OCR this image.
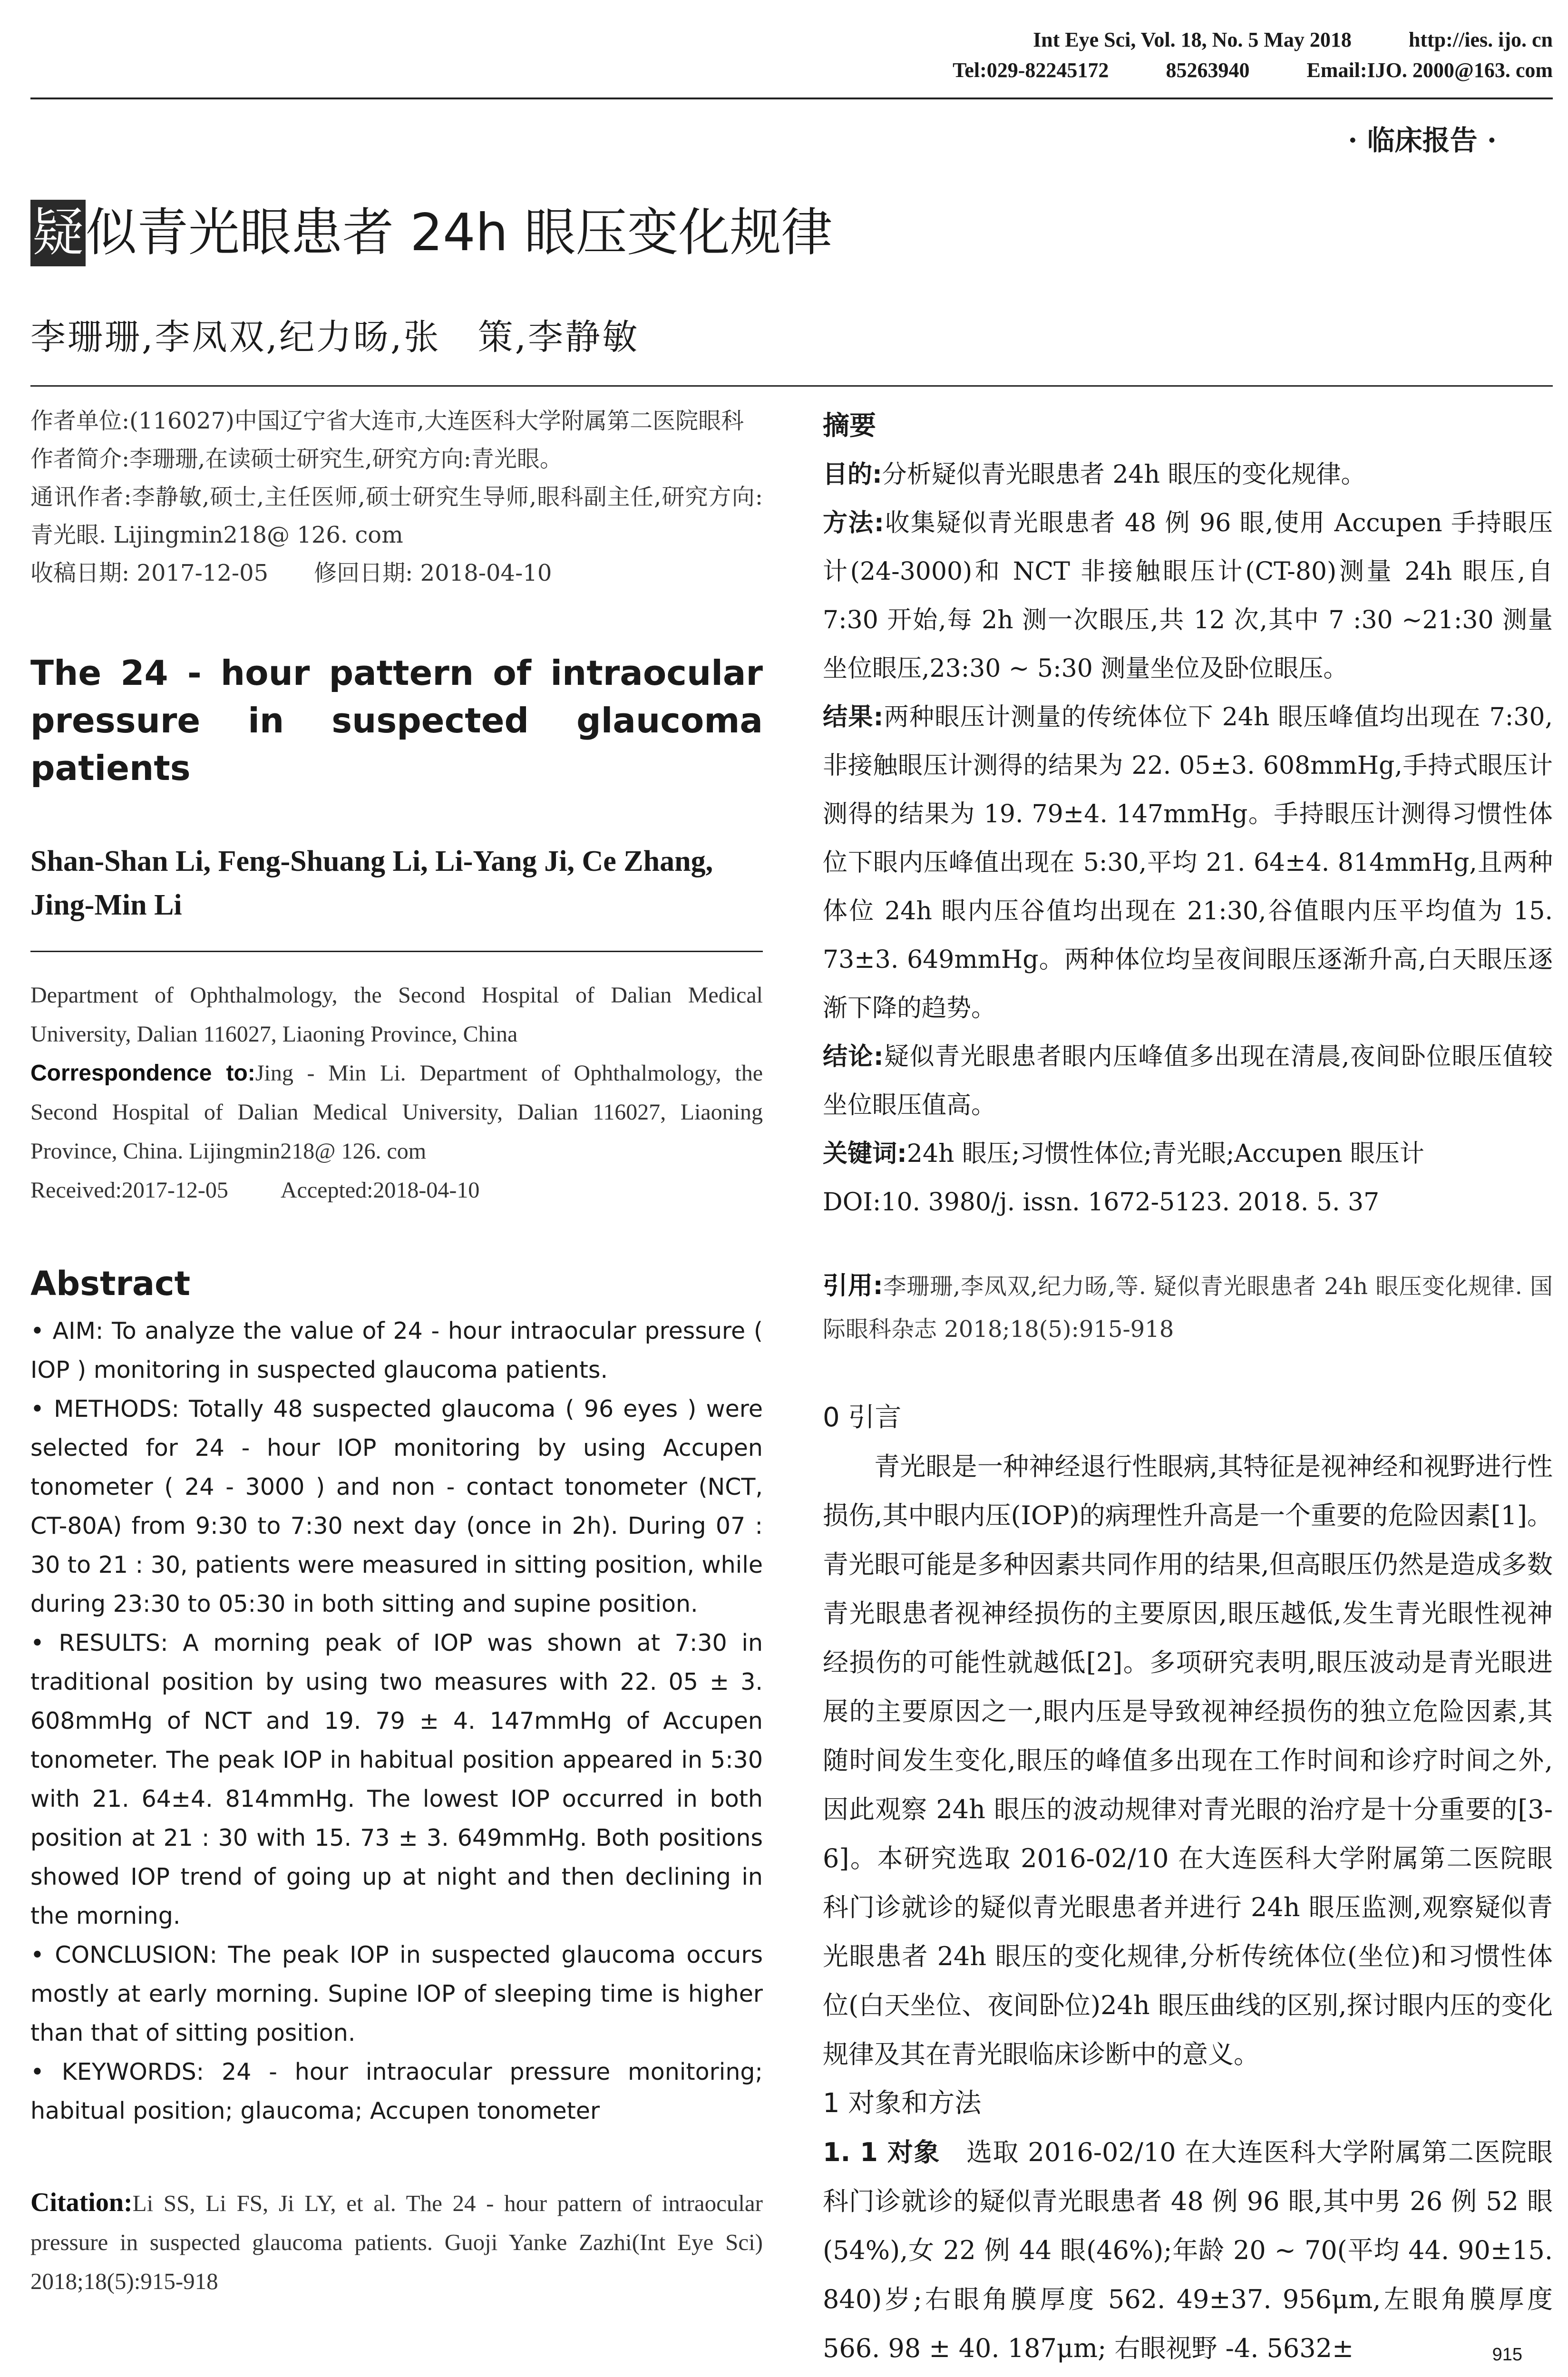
Int Eye Sci, Vol. 18, No. 5 May 2018	http://ies. ijo. cn
Tel:029-82245172	85263940	Email:IJO. 2000@163. com
· 临床报告 ·
疑似青光眼患者 24h 眼压变化规律
李珊珊,李凤双,纪力旸,张　策,李静敏

作者单位:(116027)中国辽宁省大连市,大连医科大学附属第二医院眼科

作者简介:李珊珊,在读硕士研究生,研究方向:青光眼。

通讯作者:李静敏,硕士,主任医师,硕士研究生导师,眼科副主任,研究方向:青光眼. Lijingmin218@ 126. com

收稿日期: 2017-12-05　　修回日期: 2018-04-10

The 24 - hour pattern of intraocular pressure in suspected glaucoma patients
Shan-Shan Li, Feng-Shuang Li, Li-Yang Ji, Ce Zhang, Jing-Min Li

Department of Ophthalmology, the Second Hospital of Dalian Medical University, Dalian 116027, Liaoning Province, China

Correspondence to:Jing - Min Li. Department of Ophthalmology, the Second Hospital of Dalian Medical University, Dalian 116027, Liaoning Province, China. Lijingmin218@ 126. com

Received:2017-12-05 Accepted:2018-04-10

Abstract

• AIM: To analyze the value of 24 - hour intraocular pressure ( IOP ) monitoring in suspected glaucoma patients.

• METHODS: Totally 48 suspected glaucoma ( 96 eyes ) were selected for 24 - hour IOP monitoring by using Accupen tonometer ( 24 - 3000 ) and non - contact tonometer (NCT, CT-80A) from 9:30 to 7:30 next day (once in 2h). During 07 : 30 to 21 : 30, patients were measured in sitting position, while during 23:30 to 05:30 in both sitting and supine position.

• RESULTS: A morning peak of IOP was shown at 7:30 in traditional position by using two measures with 22. 05 ± 3. 608mmHg of NCT and 19. 79 ± 4. 147mmHg of Accupen tonometer. The peak IOP in habitual position appeared in 5:30 with 21. 64±4. 814mmHg. The lowest IOP occurred in both position at 21 : 30 with 15. 73 ± 3. 649mmHg. Both positions showed IOP trend of going up at night and then declining in the morning.

• CONCLUSION: The peak IOP in suspected glaucoma occurs mostly at early morning. Supine IOP of sleeping time is higher than that of sitting position.

• KEYWORDS: 24 - hour intraocular pressure monitoring; habitual position; glaucoma; Accupen tonometer

Citation:Li SS, Li FS, Ji LY, et al. The 24 - hour pattern of intraocular pressure in suspected glaucoma patients. Guoji Yanke Zazhi(Int Eye Sci) 2018;18(5):915-918
摘要

目的:分析疑似青光眼患者 24h 眼压的变化规律。

方法:收集疑似青光眼患者 48 例 96 眼,使用 Accupen 手持眼压计(24-3000)和 NCT 非接触眼压计(CT-80)测量 24h 眼压,自 7:30 开始,每 2h 测一次眼压,共 12 次,其中 7 :30 ~21:30 测量坐位眼压,23:30 ~ 5:30 测量坐位及卧位眼压。

结果:两种眼压计测量的传统体位下 24h 眼压峰值均出现在 7:30,非接触眼压计测得的结果为 22. 05±3. 608mmHg,手持式眼压计测得的结果为 19. 79±4. 147mmHg。手持眼压计测得习惯性体位下眼内压峰值出现在 5:30,平均 21. 64±4. 814mmHg,且两种体位 24h 眼内压谷值均出现在 21:30,谷值眼内压平均值为 15. 73±3. 649mmHg。两种体位均呈夜间眼压逐渐升高,白天眼压逐渐下降的趋势。

结论:疑似青光眼患者眼内压峰值多出现在清晨,夜间卧位眼压值较坐位眼压值高。

关键词:24h 眼压;习惯性体位;青光眼;Accupen 眼压计

DOI:10. 3980/j. issn. 1672-5123. 2018. 5. 37

引用:李珊珊,李凤双,纪力旸,等. 疑似青光眼患者 24h 眼压变化规律. 国际眼科杂志 2018;18(5):915-918
0 引言

青光眼是一种神经退行性眼病,其特征是视神经和视野进行性损伤,其中眼内压(IOP)的病理性升高是一个重要的危险因素[1]。青光眼可能是多种因素共同作用的结果,但高眼压仍然是造成多数青光眼患者视神经损伤的主要原因,眼压越低,发生青光眼性视神经损伤的可能性就越低[2]。多项研究表明,眼压波动是青光眼进展的主要原因之一,眼内压是导致视神经损伤的独立危险因素,其随时间发生变化,眼压的峰值多出现在工作时间和诊疗时间之外,因此观察 24h 眼压的波动规律对青光眼的治疗是十分重要的[3-6]。本研究选取 2016-02/10 在大连医科大学附属第二医院眼科门诊就诊的疑似青光眼患者并进行 24h 眼压监测,观察疑似青光眼患者 24h 眼压的变化规律,分析传统体位(坐位)和习惯性体位(白天坐位、夜间卧位)24h 眼压曲线的区别,探讨眼内压的变化规律及其在青光眼临床诊断中的意义。

1 对象和方法

1. 1 对象　选取 2016-02/10 在大连医科大学附属第二医院眼科门诊就诊的疑似青光眼患者 48 例 96 眼,其中男 26 例 52 眼(54%),女 22 例 44 眼(46%);年龄 20 ~ 70(平均 44. 90±15. 840)岁;右眼角膜厚度 562. 49±37. 956μm,左眼角膜厚度 566. 98 ± 40. 187μm; 右眼视野 -4. 5632±	915
